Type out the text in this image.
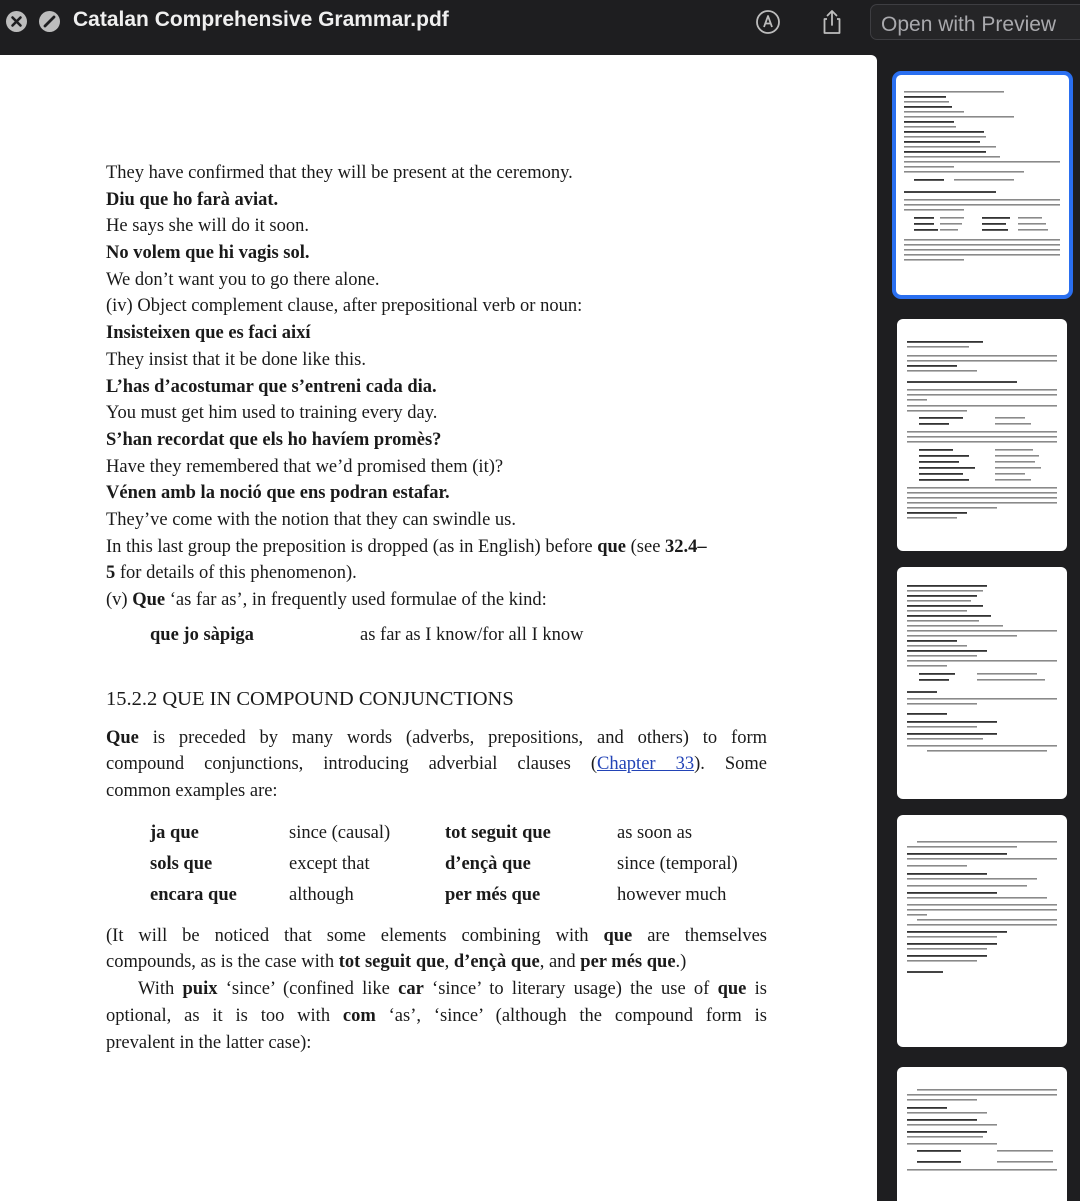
Catalan Comprehensive Grammar.pdf	Open with Preview
They have confirmed that they will be present at the ceremony.
Diu que ho farà aviat.
He says she will do it soon.
No volem que hi vagis sol.
We don’t want you to go there alone.
(iv) Object complement clause, after prepositional verb or noun:
Insisteixen que es faci així
They insist that it be done like this.
L’has d’acostumar que s’entreni cada dia.
You must get him used to training every day.
S’han recordat que els ho havíem promès?
Have they remembered that we’d promised them (it)?
Vénen amb la noció que ens podran estafar.
They’ve come with the notion that they can swindle us.
In this last group the preposition is dropped (as in English) before que (see 32.4–
5 for details of this phenomenon).
(v) Que ‘as far as’, in frequently used formulae of the kind:
que jo sàpiga	as far as I know/for all I know
15.2.2 QUE IN COMPOUND CONJUNCTIONS
Que is preceded by many words (adverbs, prepositions, and others) to form
compound conjunctions, introducing adverbial clauses (Chapter 33). Some
common examples are:
ja que	since (causal)	tot seguit que	as soon as
sols que	except that	d’ençà que	since (temporal)
encara que	although	per més que	however much
(It will be noticed that some elements combining with que are themselves
compounds, as is the case with tot seguit que, d’ençà que, and per més que.)
With puix ‘since’ (confined like car ‘since’ to literary usage) the use of que is
optional, as it is too with com ‘as’, ‘since’ (although the compound form is
prevalent in the latter case):
